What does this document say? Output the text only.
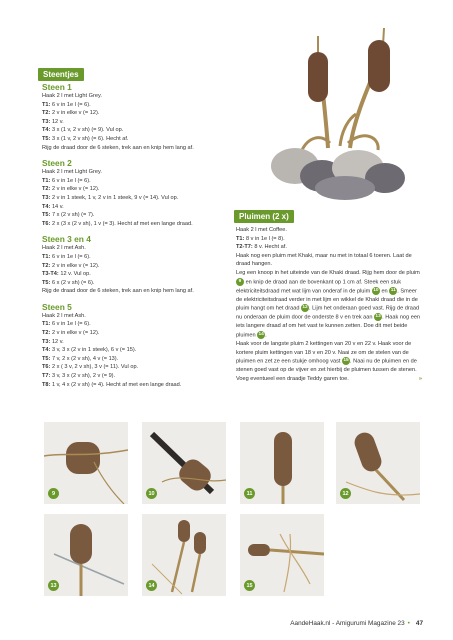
Steentjes
Steen 1
Haak 2 l met Light Grey.
T1: 6 v in 1e l (= 6).
T2: 2 v in elke v (= 12).
T3: 12 v.
T4: 3 x (1 v, 2 v sh) (= 9). Vul op.
T5: 3 x (1 v, 2 v sh) (= 6). Hecht af.
Rijg de draad door de 6 steken, trek aan en knip hem lang af.
Steen 2
Haak 2 l met Light Grey.
T1: 6 v in 1e l (= 6).
T2: 2 v in elke v (= 12).
T3: 2 v in 1 steek, 1 v, 2 v in 1 steek, 9 v (= 14). Vul op.
T4: 14 v.
T5: 7 x (2 v sh) (= 7).
T6: 2 x (3 x (2 v sh), 1 v (= 3). Hecht af met een lange draad.
Steen 3 en 4
Haak 2 l met Ash.
T1: 6 v in 1e l (= 6).
T2: 2 v in elke v (= 12).
T3-T4: 12 v. Vul op.
T5: 6 x (2 v sh) (= 6).
Rijg de draad door de 6 steken, trek aan en knip hem lang af.
Steen 5
Haak 2 l met Ash.
T1: 6 v in 1e l (= 6).
T2: 2 v in elke v (= 12).
T3: 12 v.
T4: 3 v, 3 x (2 v in 1 steek), 6 v (= 15).
T5: 7 v, 2 x (2 v sh), 4 v (= 13).
T6: 2 x ( 3 v, 2 v sh), 3 v (= 11). Vul op.
T7: 3 v, 3 x (2 v sh), 2 v (= 9).
T8: 1 v, 4 x (2 v sh) (= 4). Hecht af met een lange draad.
Pluimen (2 x)
Haak 2 l met Coffee.
T1: 8 v in 1e l (= 8).
T2-T7: 8 v. Hecht af.
Haak nog een pluim met Khaki, maar nu met in totaal 6 toeren. Laat de draad hangen.
Leg een knoop in het uiteinde van de Khaki draad. Rijg hem door de pluim 9 en knip de draad aan de bovenkant op 1 cm af. Steek een stuk elektriciteitsdraad met wat lijm van onderaf in de pluim 10 en 11. Smeer de elektriciteitsdraad verder in met lijm en wikkel de Khaki draad die in de pluim hangt om het draad 12. Lijm het onderaan goed vast. Rijg de draad nu onderaan de pluim door de onderste 8 v en trek aan 13. Haak nog een iets langere draad af om het vast te kunnen zetten. Doe dit met beide pluimen 14.
Haak voor de langste pluim 2 kettingen van 20 v en 22 v. Haak voor de kortere pluim kettingen van 18 v en 20 v. Naai ze om de stelen van de pluimen en zet ze een stukje omhoog vast 15. Naai nu de pluimen en de stenen goed vast op de vijver en zet hierbij de pluimen tussen de stenen. Voeg eventueel een draadje Teddy garen toe.	»
9	10	11	12
13	14	15
AandeHaak.nl - Amigurumi Magazine 23 • 47
